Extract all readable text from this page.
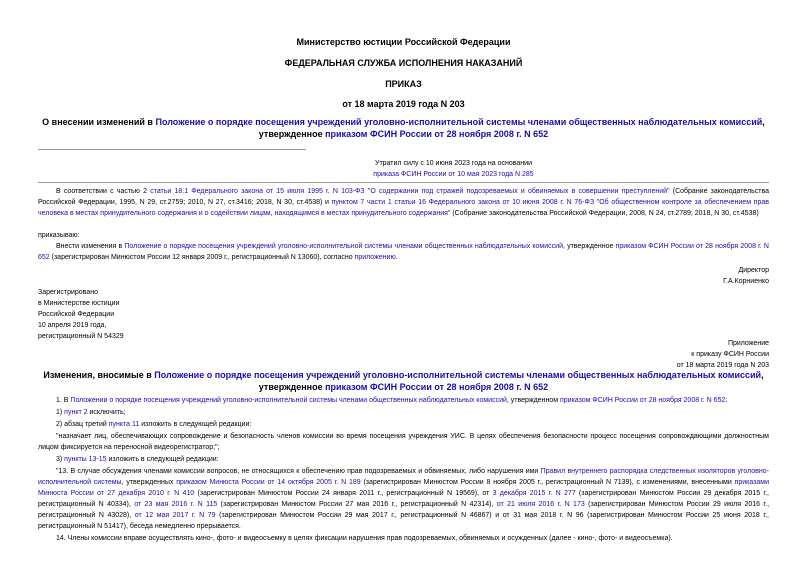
Министерство юстиции Российской Федерации
ФЕДЕРАЛЬНАЯ СЛУЖБА ИСПОЛНЕНИЯ НАКАЗАНИЙ
ПРИКАЗ
от 18 марта 2019 года N 203
О внесении изменений в Положение о порядке посещения учреждений уголовно-исполнительной системы членами общественных наблюдательных комиссий, утвержденное приказом ФСИН России от 28 ноября 2008 г. N 652
Утратил силу с 10 июня 2023 года на основании
приказа ФСИН России от 10 мая 2023 года N 285
В соответствии с частью 2 статьи 18.1 Федерального закона от 15 июля 1995 г. N 103-ФЗ "О содержании под стражей подозреваемых и обвиняемых в совершении преступлений" (Собрание законодательства Российской Федерации, 1995, N 29, ст.2759; 2010, N 27, ст.3416; 2018, N 30, ст.4538) и пунктом 7 части 1 статьи 16 Федерального закона от 10 июня 2008 г. N 76-ФЗ "Об общественном контроле за обеспечением прав человека в местах принудительного содержания и о содействии лицам, находящимся в местах принудительного содержания" (Собрание законодательства Российской Федерации, 2008, N 24, ст.2789; 2018, N 30, ст.4538)
приказываю:
Внести изменения в Положение о порядке посещения учреждений уголовно-исполнительной системы членами общественных наблюдательных комиссий, утвержденное приказом ФСИН России от 28 ноября 2008 г. N 652 (зарегистрирован Минюстом России 12 января 2009 г., регистрационный N 13060), согласно приложению.
Директор
Г.А.Корниенко
Зарегистрировано
в Министерстве юстиции
Российской Федерации
10 апреля 2019 года,
регистрационный N 54329
Приложение
к приказу ФСИН России
от 18 марта 2019 года N 203
Изменения, вносимые в Положение о порядке посещения учреждений уголовно-исполнительной системы членами общественных наблюдательных комиссий, утвержденное приказом ФСИН России от 28 ноября 2008 г. N 652
1. В Положении о порядке посещения учреждений уголовно-исполнительной системы членами общественных наблюдательных комиссий, утвержденном приказом ФСИН России от 28 ноября 2008 г. N 652:
1) пункт 2 исключить;
2) абзац третий пункта 11 изложить в следующей редакции:
"назначает лиц, обеспечивающих сопровождение и безопасность членов комиссии во время посещения учреждения УИС. В целях обеспечения безопасности процесс посещения сопровождающими должностным лицом фиксируется на переносной видеорегистратор;";
3) пункты 13-15 изложить в следующей редакции:
"13. В случае обсуждения членами комиссии вопросов, не относящихся к обеспечению прав подозреваемых и обвиняемых, либо нарушения ими Правил внутреннего распорядка следственных изоляторов уголовно-исполнительной системы, утвержденных приказом Минюста России от 14 октября 2005 г. N 189 (зарегистрирован Минюстом России 8 ноября 2005 г., регистрационный N 7139), с изменениями, внесенными приказами Минюста России от 27 декабря 2010 г. N 410 (зарегистрирован Минюстом России 24 января 2011 г., регистрационный N 19569), от 3 декабря 2015 г. N 277 (зарегистрирован Минюстом России 29 декабря 2015 г., регистрационный N 40334), от 23 мая 2016 г. N 115 (зарегистрирован Минюстом России 27 мая 2016 г., регистрационный N 42314), от 21 июля 2016 г. N 173 (зарегистрирован Минюстом России 29 июля 2016 г., регистрационный N 43028), от 12 мая 2017 г. N 79 (зарегистрирован Минюстом России 29 мая 2017 г., регистрационный N 46867) и от 31 мая 2018 г. N 96 (зарегистрирован Минюстом России 25 июня 2018 г., регистрационный N 51417), беседа немедленно прерывается.
14. Члены комиссии вправе осуществлять кино-, фото- и видеосъемку в целях фиксации нарушения прав подозреваемых, обвиняемых и осужденных (далее - кино-, фото- и видеосъемка).
